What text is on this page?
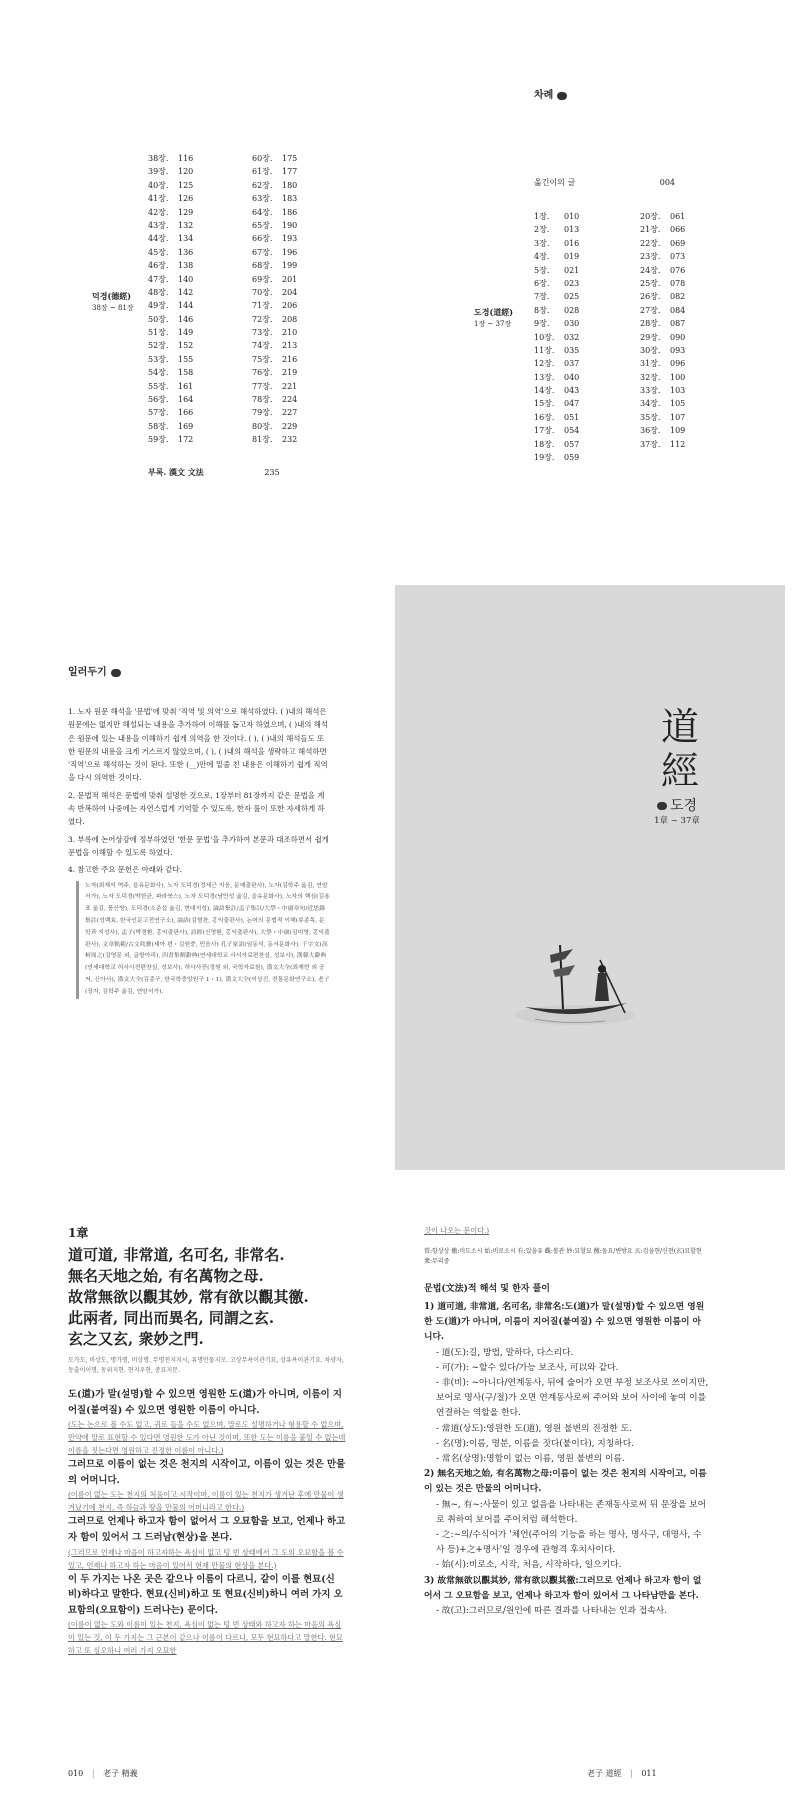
덕경(德經)
38장 ~ 81장
38장.	116
39장.	120
40장.	125
41장.	126
42장.	129
43장.	132
44장.	134
45장.	136
46장.	138
47장.	140
48장.	142
49장.	144
50장.	146
51장.	149
52장.	152
53장.	155
54장.	158
55장.	161
56장.	164
57장.	166
58장.	169
59장.	172
60장.	175
61장.	177
62장.	180
63장.	183
64장.	186
65장.	190
66장.	193
67장.	196
68장.	199
69장.	201
70장.	204
71장.	206
72장.	208
73장.	210
74장.	213
75장.	216
76장.	219
77장.	221
78장.	224
79장.	227
80장.	229
81장.	232
부록. 漢文 文法	235
차례
옮긴이의 글	004
도경(道經)
1장 ~ 37장
1장.	010
2장.	013
3장.	016
4장.	019
5장.	021
6장.	023
7장.	025
8장.	028
9장.	030
10장.	032
11장.	035
12장.	037
13장.	040
14장.	043
15장.	047
16장.	051
17장.	054
18장.	057
19장.	059
20장.	061
21장.	066
22장.	069
23장.	073
24장.	076
25장.	078
26장.	082
27장.	084
28장.	087
29장.	090
30장.	093
31장.	096
32장.	100
33장.	103
34장.	105
35장.	107
36장.	109
37장.	112
일러두기
1. 노자 원문 해석을 '문법'에 맞춰 '직역 및 의역'으로 해석하였다. ( )내의 해석은 원문에는 없지만 해설되는 내용을 추가하여 이해를 돕고자 하였으며, ( )내의 해석은 원문에 있는 내용을 이해하기 쉽게 의역을 한 것이다. ( ), ( )내의 해석들도 또한 원문의 내용을 크게 거스르지 않았으며, ( ), ( )내의 해석을 생략하고 해석하면 '직역'으로 해석하는 것이 된다. 또한 (__)안에 밑줄 친 내용은 이해하기 쉽게 직역을 다시 의역한 것이다.
2. 문법적 해석은 문법에 맞춰 설명한 것으로, 1장부터 81장까지 같은 문법을 계속 반복하여 나중에는 자연스럽게 기억할 수 있도록, 한자 풀이 또한 자세하게 하였다.
3. 부록에 논어상강에 정부하였던 '한문 문법'을 추가하여 본문과 대조하면서 쉽게 문법을 이해할 수 있도록 하였다.
4. 참고한 주요 문헌은 아래와 같다.
노자(최재석 역주, 을유문화사), 노자 도덕경(정세근 지음, 문예출판사), 노자(김학주 옮김, 연암서가), 노자 도덕경(박한균, 파라북스), 노자 도덕경(남만성 옮김, 을유문화사), 노자의 핵심(김용표 옮김, 풍산방), 도덕경(소준섭 옮김, 현대지성), 論語集註/孟子集註/大學・中庸章句/近思錄集註(성백효, 한국인문고전연구소), 論語(김형찬, 홍익출판사), 논어의 문법적 이해(류종목, 문학과 지성사), 孟子(박경환, 홍익출판사), 詩經(신영환, 홍익출판사), 大學・中庸(김미영, 홍익출판사), 文章軌範/古文眞寶(세아 편・김원중, 민음사) 孔子家語(임동석, 동서문화사), 千字文(高柯周之(김영문 외, 글항아리), 四書集解辭典(연세대학교 사서자료편찬실, 성보사), 漢韓大辭典(연세대학교 허사사전편찬실, 성보사), 허사사전(정원 외, 국학자료원), 漢文大全(최재현 외 공저, 신아사), 漢文大全(김종구, 한국학중앙원구 1・1), 漢文大全(이상진, 전통문화연구소), 老子(장자, 김학주 옮김, 연암서가).
道
經
도경
1章 ~ 37章
1章
道可道, 非常道, 名可名, 非常名.
無名天地之始, 有名萬物之母.
故常無欲以觀其妙, 常有欲以觀其徼.
此兩者, 同出而異名, 同謂之玄.
玄之又玄, 衆妙之門.
도가도, 비상도, 명가명, 비상명. 무명천지지시, 유명만물지모. 고상무욕이관기묘, 상유욕이관기요. 차양자, 동출이이명, 동위지현. 현지우현, 중묘지문.
도(道)가 말(설명)할 수 있으면 영원한 도(道)가 아니며, 이름이 지어질(붙여질) 수 있으면 영원한 이름이 아니다.
(도는 논으로 볼 수도 없고, 귀로 들을 수도 없으며, 말로도 설명하거나 형용할 수 없으며, 만약에 말로 표현할 수 있다면 영원한 도가 아닌 것이며, 또한 도는 이름을 붙일 수 없는데 이름을 짓는다면 영원하고 진정한 이름이 아니다.)
그러므로 이름이 없는 것은 천지의 시작이고, 이름이 있는 것은 만물의 어머니다.
(이름이 없는 도는 천지의 처음이고 시작이며, 이름이 있는 천지가 생겨난 후에 만물이 생겨났기에 천지, 즉 하늘과 땅을 만물의 어머니라고 한다.)
그러므로 언제나 하고자 함이 없어서 그 오묘함을 보고, 언제나 하고자 함이 있어서 그 드러남(현상)을 본다.
(그러므로 언제나 마음이 하고자하는 욕심이 없고 텅 빈 상태에서 그 도의 오묘함을 볼 수 있고, 언제나 하고자 하는 마음이 있어서 현재 만물의 현상을 본다.)
이 두 가지는 나온 곳은 같으나 이름이 다르니, 같이 이를 현묘(신비)하다고 말한다. 현묘(신비)하고 또 현묘(신비)하니 여러 가지 오묘함의(오묘함이) 드러나는) 문이다.
(이름이 없는 도와 이름이 있는 천지, 욕심이 없는 텅 빈 상태와 하고자 하는 마음의 욕심이 있는 것, 이 두 가지는 그 근본이 같으나 이름이 다르니, 모두 현묘하다고 말한다. 현묘하고 또 심오하니 여러 가지 오묘한
010 | 老子 精義
것이 나오는 문이다.)
常:항상상 徼:미도소시 始:비로소시 有:있을유 觀:볼관 妙:묘할묘 徼:돌요/변방요 玄:검을현/신현(玄)묘할현 衆:무리중
문법(文法)적 해석 및 한자 풀이
1) 道可道, 非常道, 名可名, 非常名:도(道)가 말(설명)할 수 있으면 영원한 도(道)가 아니며, 이름이 지어질(붙여질) 수 있으면 영원한 이름이 아니다.
- 道(도):길, 방법, 말하다, 다스리다.
- 可(가): ~할수 있다/가능 보조사, 可以와 같다.
- 非(비): ~아니다/연계동사, 뒤에 술어가 오면 부정 보조사로 쓰이지만, 보어로 명사(구/절)가 오면 연계동사로써 주어와 보어 사이에 놓여 이를 연결하는 역할을 한다.
- 常道(상도):영원한 도(道), 영원 불변의 진정한 도.
- 名(명):이름, 명분, 이름을 짓다(붙이다), 지칭하다.
- 常名(상명):명함이 없는 이름, 영원 불변의 이름.
2) 無名天地之始, 有名萬物之母:이름이 없는 것은 천지의 시작이고, 이름이 있는 것은 만물의 어머니다.
- 無~, 有~:사물이 있고 없음을 나타내는 존재동사로써 뒤 문장을 보어로 취하여 보어를 주어처럼 해석한다.
- 之:~의/수식어가 '체언(주어의 기능을 하는 명사, 명사구, 대명사, 수사 등)+之+명사'일 경우에 관형격 후치사이다.
- 始(시):비로소, 시작, 처음, 시작하다, 일으키다.
3) 故常無欲以觀其妙, 常有欲以觀其徼:그러므로 언제나 하고자 함이 없어서 그 오묘함을 보고, 언제나 하고자 함이 있어서 그 나타남만을 본다.
- 故(고):그러므로/원인에 따른 결과를 나타내는 인과 접속사.
老子 道經 | 011
